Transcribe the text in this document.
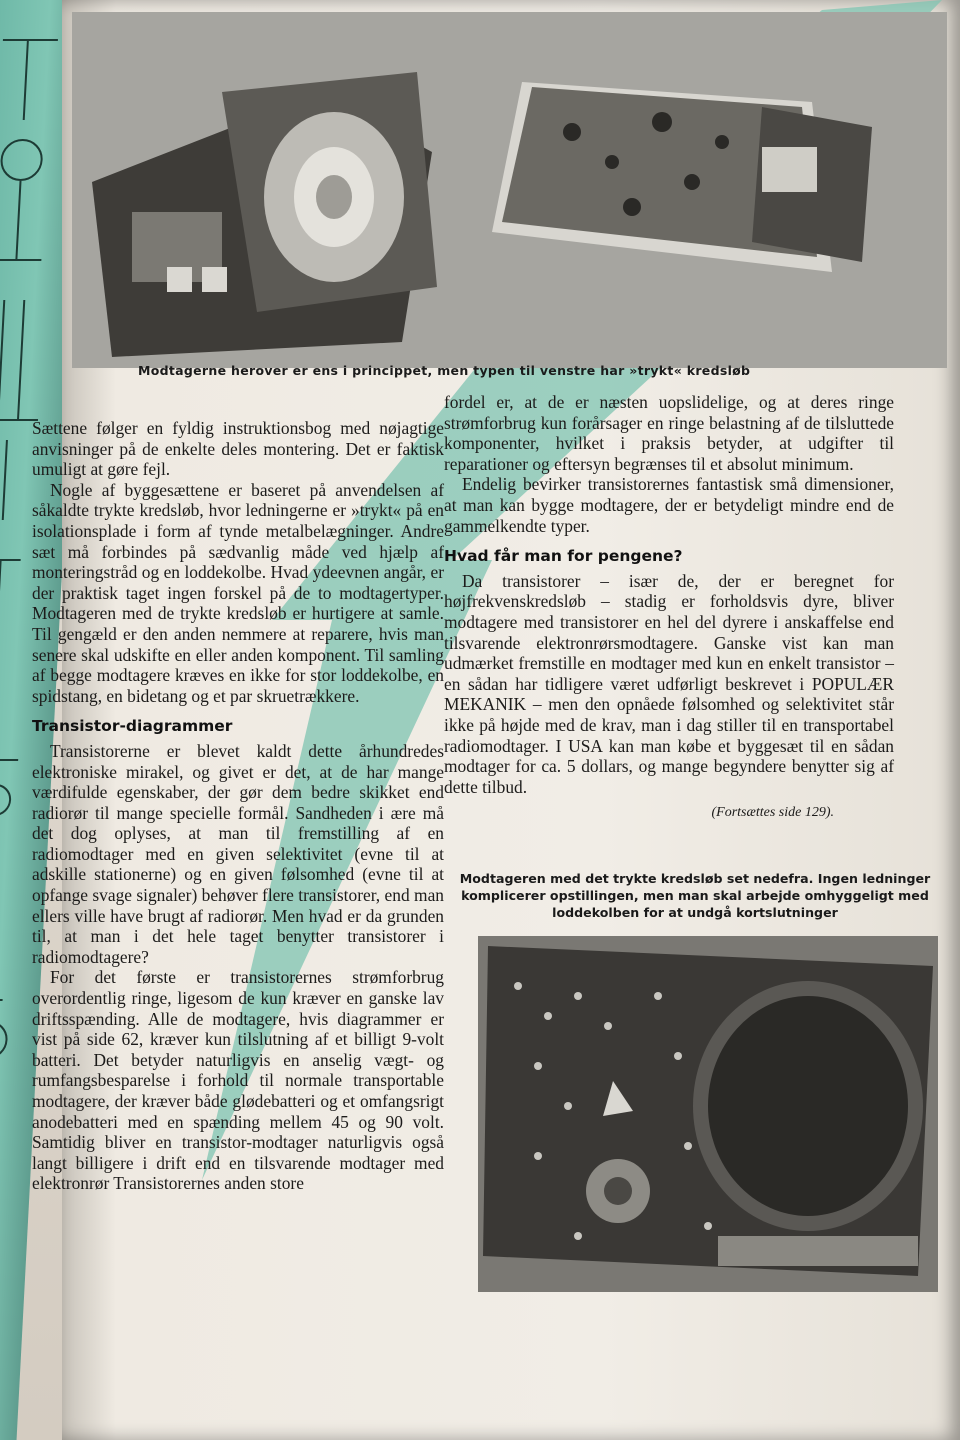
Modtagerne herover er ens i princippet, men typen til venstre har »trykt« kredsløb

Sættene følger en fyldig instruktionsbog med nøjagtige anvisninger på de enkelte deles montering. Det er faktisk umuligt at gøre fejl.

Nogle af byggesættene er baseret på anvendelsen af såkaldte trykte kredsløb, hvor ledningerne er »trykt« på en isolationsplade i form af tynde metalbelægninger. Andre sæt må forbindes på sædvanlig måde ved hjælp af monteringstråd og en loddekolbe. Hvad ydeevnen angår, er der praktisk taget ingen forskel på de to modtagertyper. Modtageren med de trykte kredsløb er hurtigere at samle. Til gengæld er den anden nemmere at reparere, hvis man senere skal udskifte en eller anden komponent. Til samling af begge modtagere kræves en ikke for stor loddekolbe, en spidstang, en bidetang og et par skruetrækkere.

Transistor-diagrammer

Transistorerne er blevet kaldt dette århundredes elektroniske mirakel, og givet er det, at de har mange værdifulde egenskaber, der gør dem bedre skikket end radiorør til mange specielle formål. Sandheden i ære må det dog oplyses, at man til fremstilling af en radiomodtager med en given selektivitet (evne til at adskille stationerne) og en given følsomhed (evne til at opfange svage signaler) behøver flere transistorer, end man ellers ville have brugt af radiorør. Men hvad er da grunden til, at man i det hele taget benytter transistorer i radiomodtagere?

For det første er transistorernes strømforbrug overordentlig ringe, ligesom de kun kræver en ganske lav driftsspænding. Alle de modtagere, hvis diagrammer er vist på side 62, kræver kun tilslutning af et billigt 9-volt batteri. Det betyder naturligvis en anselig vægt- og rumfangsbesparelse i forhold til normale transportable modtagere, der kræver både glødebatteri og et omfangsrigt anodebatteri med en spænding mellem 45 og 90 volt. Samtidig bliver en transistor-modtager naturligvis også langt billigere i drift end en tilsvarende modtager med elektronrør Transistorernes anden store

fordel er, at de er næsten uopslidelige, og at deres ringe strømforbrug kun forårsager en ringe belastning af de tilsluttede komponenter, hvilket i praksis betyder, at udgifter til reparationer og eftersyn begrænses til et absolut minimum.

Endelig bevirker transistorernes fantastisk små dimensioner, at man kan bygge modtagere, der er betydeligt mindre end de gammelkendte typer.

Hvad får man for pengene?

Da transistorer – især de, der er beregnet for højfrekvenskredsløb – stadig er forholdsvis dyre, bliver modtagere med transistorer en hel del dyrere i anskaffelse end tilsvarende elektronrørsmodtagere. Ganske vist kan man udmærket fremstille en modtager med kun en enkelt transistor – en sådan har tidligere været udførligt beskrevet i POPULÆR MEKANIK – men den opnåede følsomhed og selektivitet står ikke på højde med de krav, man i dag stiller til en transportabel radiomodtager. I USA kan man købe et byggesæt til en sådan modtager for ca. 5 dollars, og mange begyndere benytter sig af dette tilbud.

(Fortsættes side 129).
Modtageren med det trykte kredsløb set nedefra. Ingen ledninger komplicerer opstillingen, men man skal arbejde omhyggeligt med loddekolben for at undgå kortslutninger
